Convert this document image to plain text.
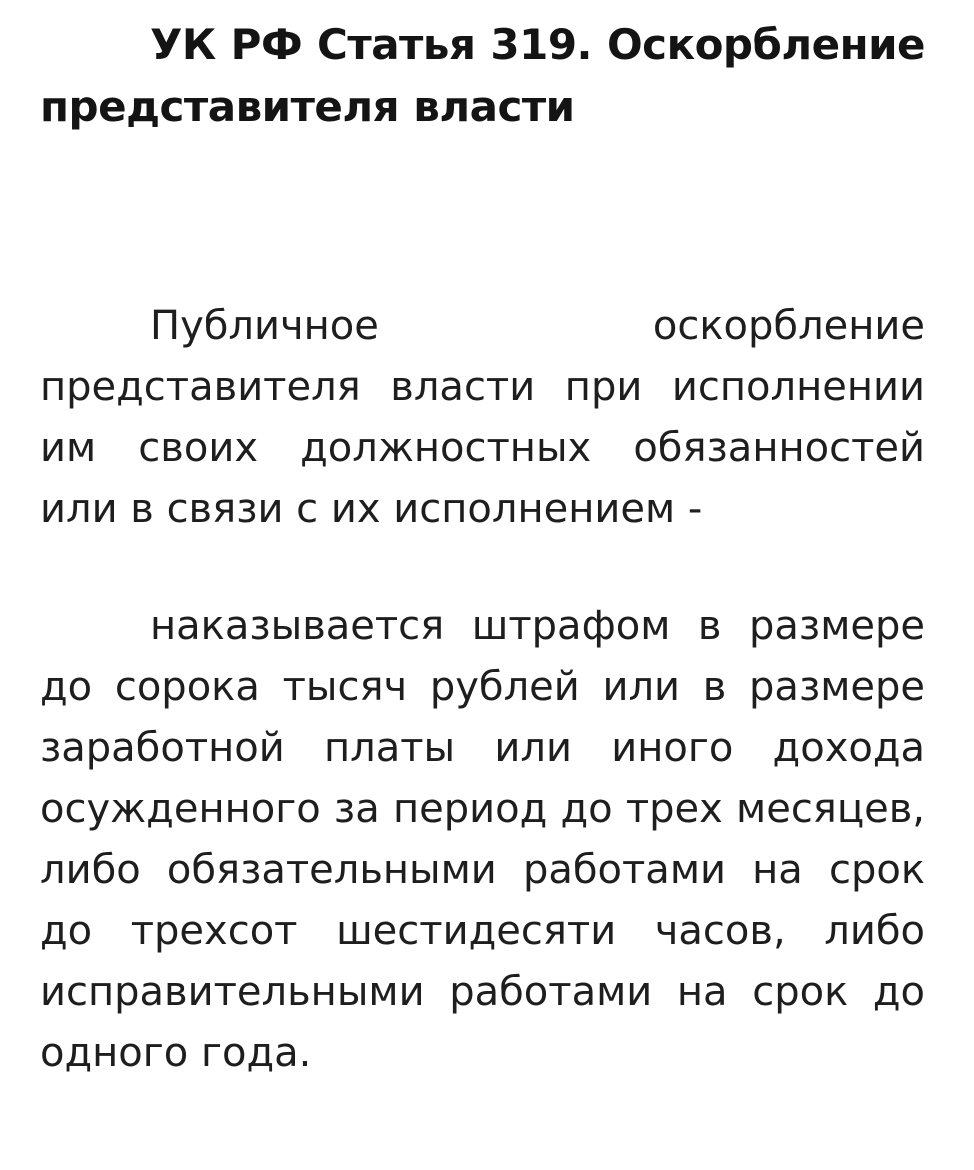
УК РФ Статья 319. Оскорбление представителя власти

Публичное оскорбление представителя власти при исполнении им своих должностных обязанностей или в связи с их исполнением -

наказывается штрафом в размере до сорока тысяч рублей или в размере заработной платы или иного дохода осужденного за период до трех месяцев, либо обязательными работами на срок до трехсот шестидесяти часов, либо исправительными работами на срок до одного года.
